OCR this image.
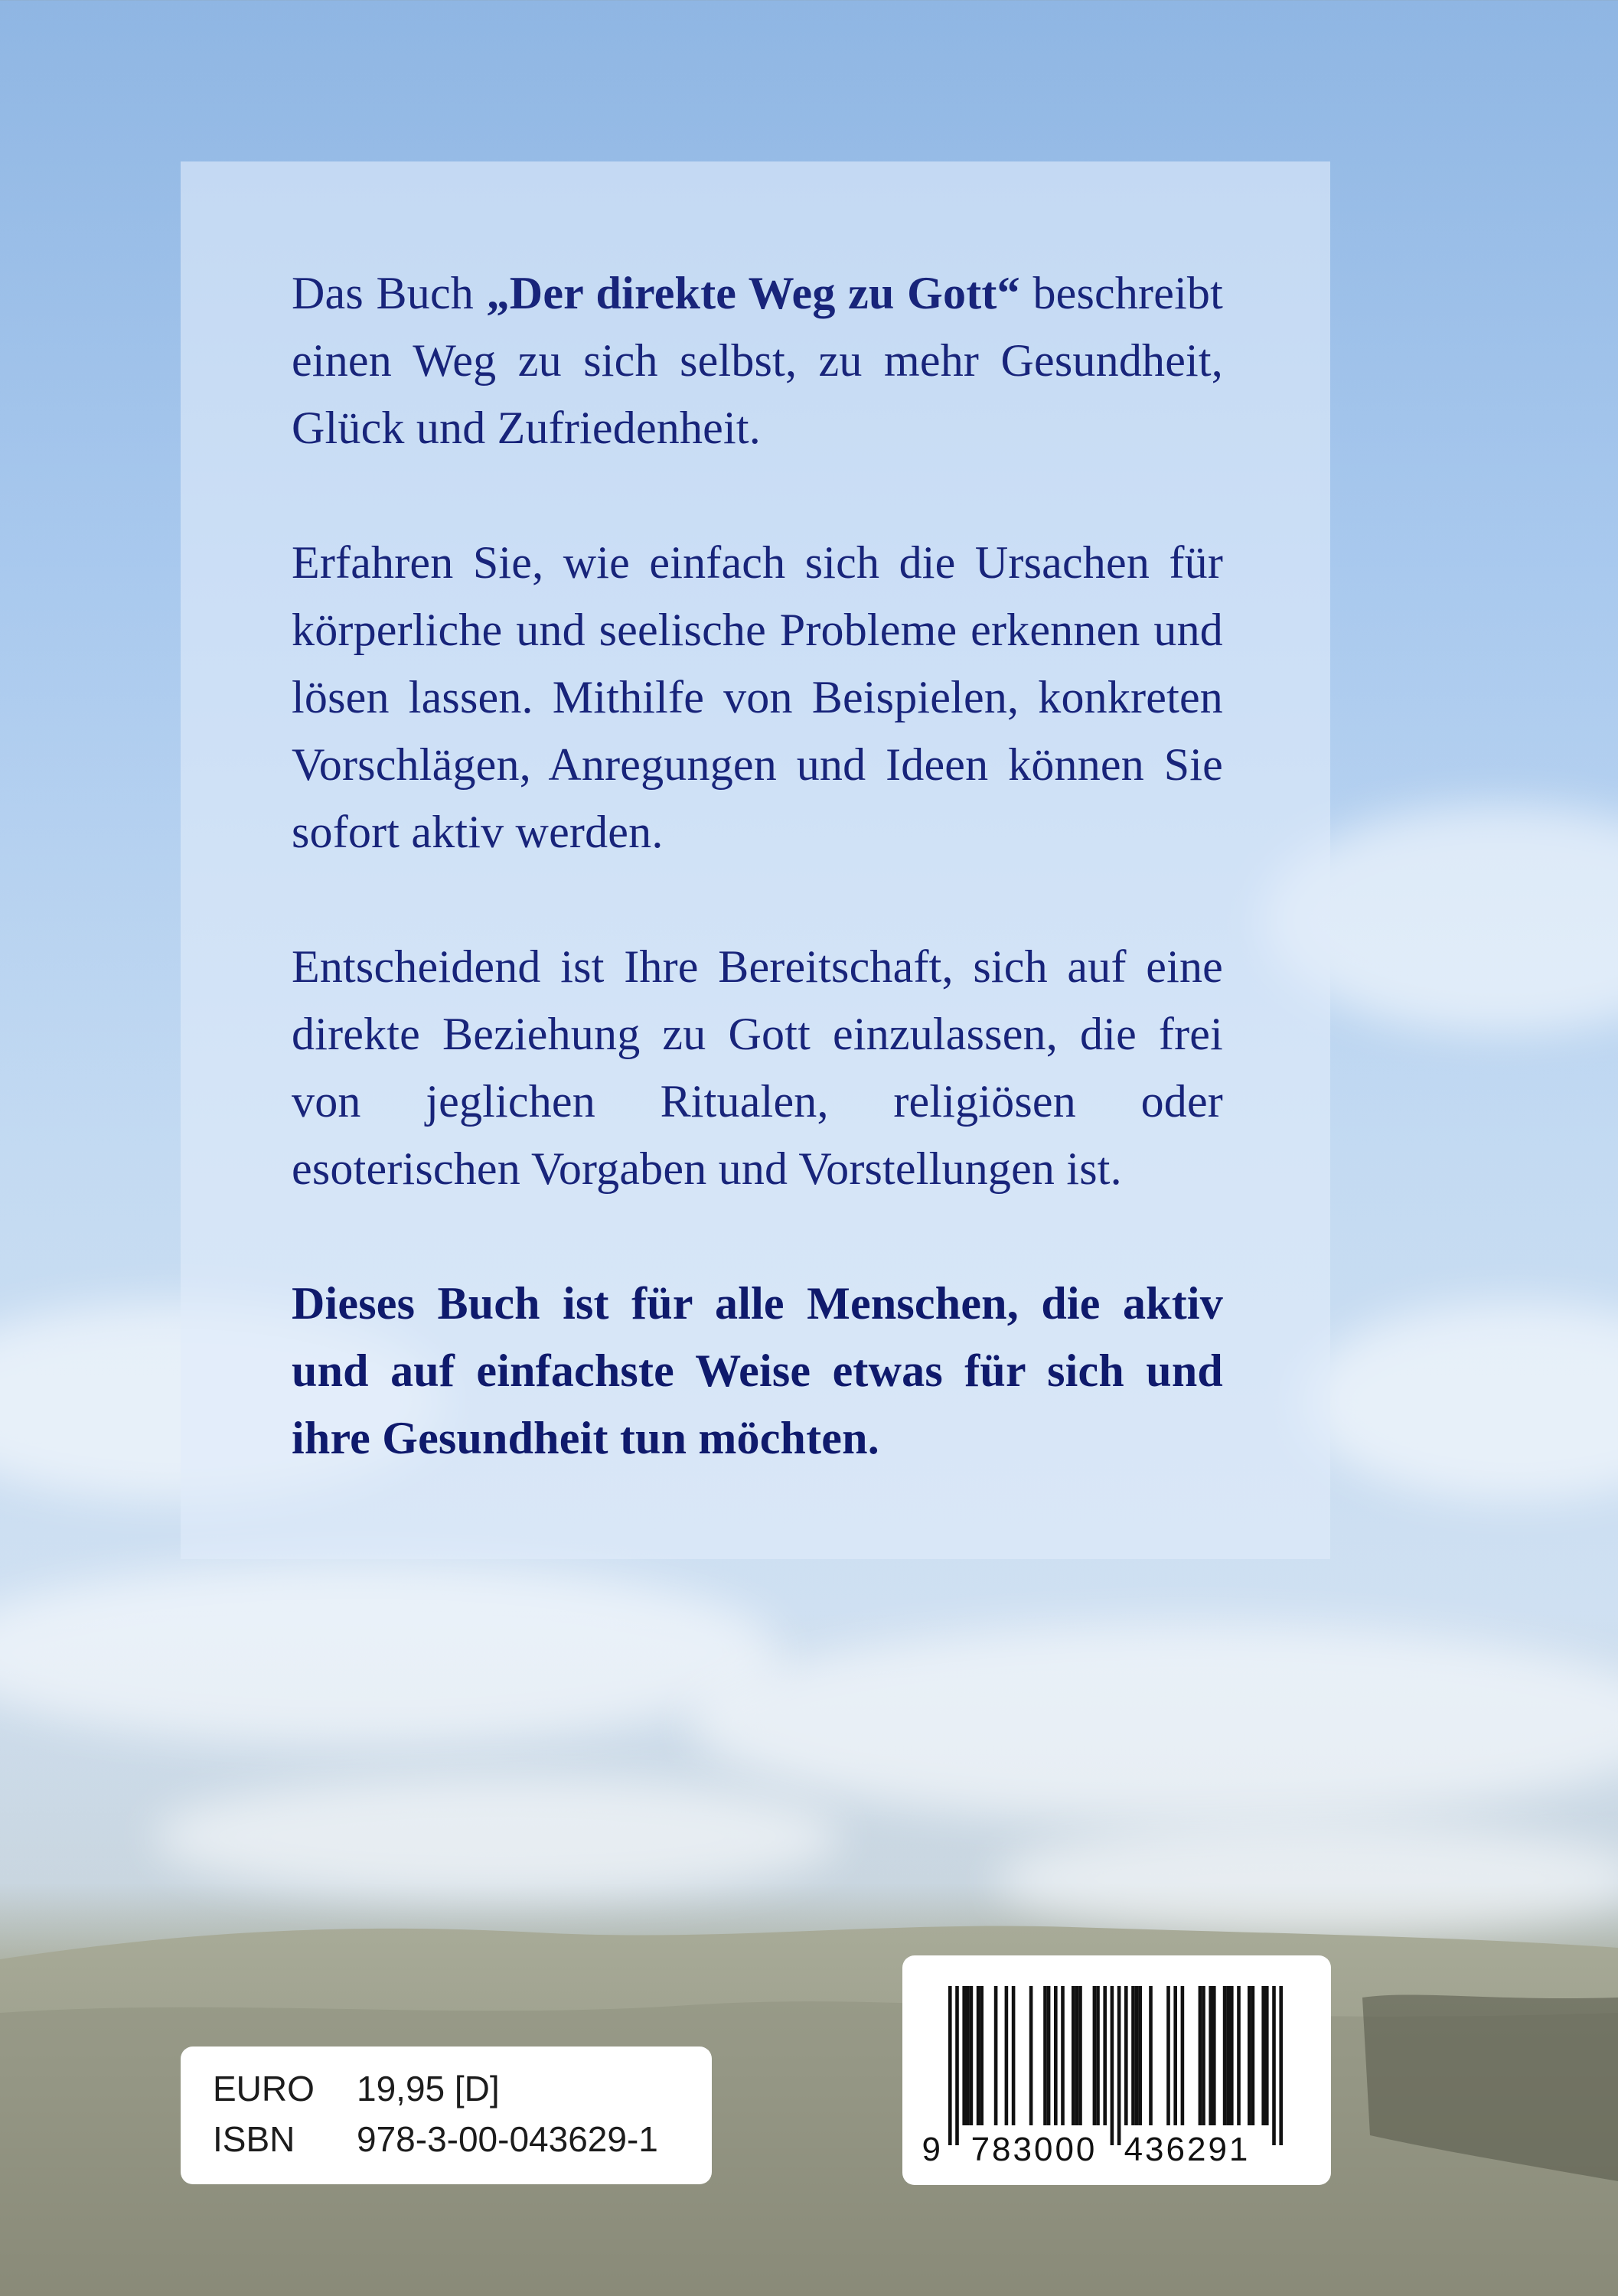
Das Buch „Der direkte Weg zu Gott“ beschreibt einen Weg zu sich selbst, zu mehr Gesundheit, Glück und Zufriedenheit.

Erfahren Sie, wie einfach sich die Ursachen für körperliche und seelische Probleme erkennen und lösen lassen. Mithilfe von Beispielen, konkreten Vorschlägen, Anregungen und Ideen können Sie sofort aktiv werden.

Entscheidend ist Ihre Bereitschaft, sich auf eine direkte Beziehung zu Gott einzulassen, die frei von jeglichen Ritualen, religiösen oder esoterischen Vorgaben und Vorstellungen ist.

Dieses Buch ist für alle Menschen, die aktiv und auf einfachste Weise etwas für sich und ihre Gesundheit tun möchten.

EURO	19,95 [D]
ISBN	978-3-00-043629-1	9 783000 436291
